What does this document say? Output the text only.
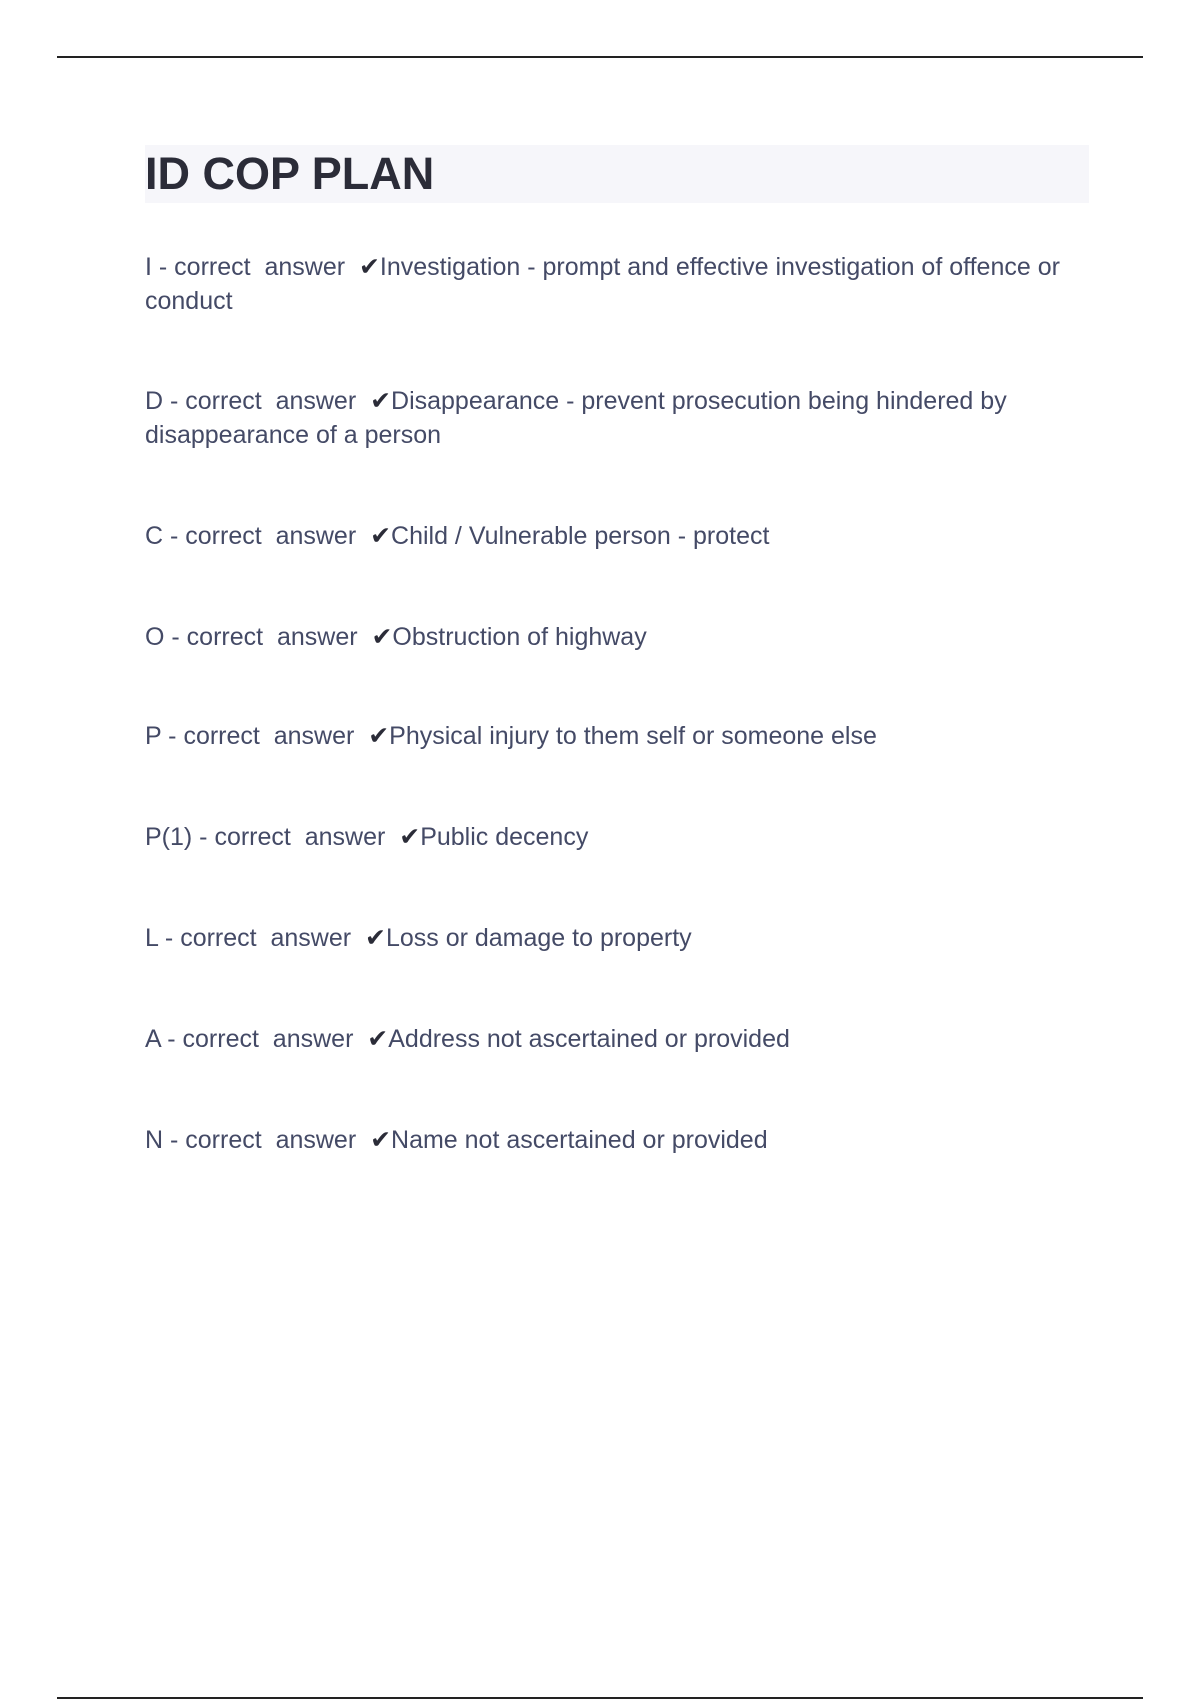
ID COP PLAN

I - correct  answer  ✔Investigation - prompt and effective investigation of offence or conduct

D - correct  answer  ✔Disappearance - prevent prosecution being hindered by disappearance of a person

C - correct  answer  ✔Child / Vulnerable person - protect

O - correct  answer  ✔Obstruction of highway

P - correct  answer  ✔Physical injury to them self or someone else

P(1) - correct  answer  ✔Public decency

L - correct  answer  ✔Loss or damage to property

A - correct  answer  ✔Address not ascertained or provided

N - correct  answer  ✔Name not ascertained or provided
